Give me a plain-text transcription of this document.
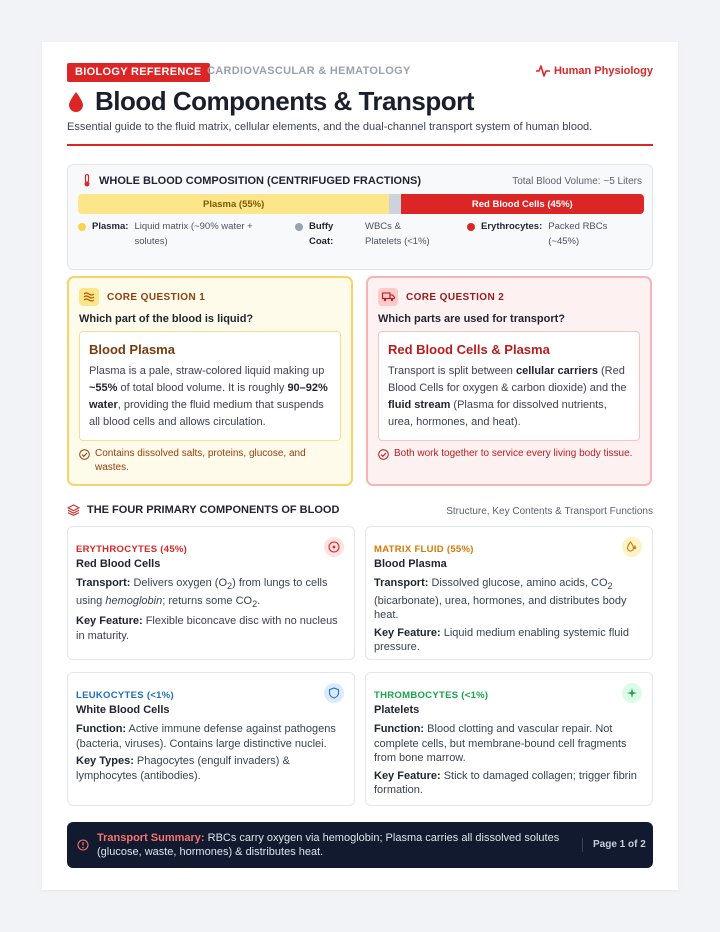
BIOLOGY REFERENCE CARDIOVASCULAR & HEMATOLOGY	Human Physiology
Blood Components & Transport
Essential guide to the fluid matrix, cellular elements, and the dual-channel transport system of human blood.
WHOLE BLOOD COMPOSITION (CENTRIFUGED FRACTIONS)	Total Blood Volume: ~5 Liters
Plasma (55%)	Red Blood Cells (45%)
Plasma: Liquid matrix (~90% water + solutes)
Buffy Coat:
WBCs & Platelets (<1%)
Erythrocytes: Packed RBCs (~45%)
CORE QUESTION 1
Which part of the blood is liquid?
Blood Plasma

Plasma is a pale, straw-colored liquid making up ~55% of total blood volume. It is roughly 90–92% water, providing the fluid medium that suspends all blood cells and allows circulation.

Contains dissolved salts, proteins, glucose, and wastes.
CORE QUESTION 2
Which parts are used for transport?
Red Blood Cells & Plasma

Transport is split between cellular carriers (Red Blood Cells for oxygen & carbon dioxide) and the fluid stream (Plasma for dissolved nutrients, urea, hormones, and heat).

Both work together to service every living body tissue.
THE FOUR PRIMARY COMPONENTS OF BLOOD	Structure, Key Contents & Transport Functions
ERYTHROCYTES (45%)
Red Blood Cells

Transport: Delivers oxygen $(O_2)$ from lungs to cells using hemoglobin; returns some $CO_2$.

Key Feature: Flexible biconcave disc with no nucleus in maturity.

MATRIX FLUID (55%)
Blood Plasma

Transport: Dissolved glucose, amino acids, $CO_2$ (bicarbonate), urea, hormones, and distributes body heat.

Key Feature: Liquid medium enabling systemic fluid pressure.

LEUKOCYTES (<1%)
White Blood Cells

Function: Active immune defense against pathogens (bacteria, viruses). Contains large distinctive nuclei.

Key Types: Phagocytes (engulf invaders) & lymphocytes (antibodies).

THROMBOCYTES (<1%)
Platelets

Function: Blood clotting and vascular repair. Not complete cells, but membrane-bound cell fragments from bone marrow.

Key Feature: Stick to damaged collagen; trigger fibrin formation.

Transport Summary: RBCs carry oxygen via hemoglobin; Plasma carries all dissolved solutes (glucose, waste, hormones) & distributes heat.
Page 1 of 2
